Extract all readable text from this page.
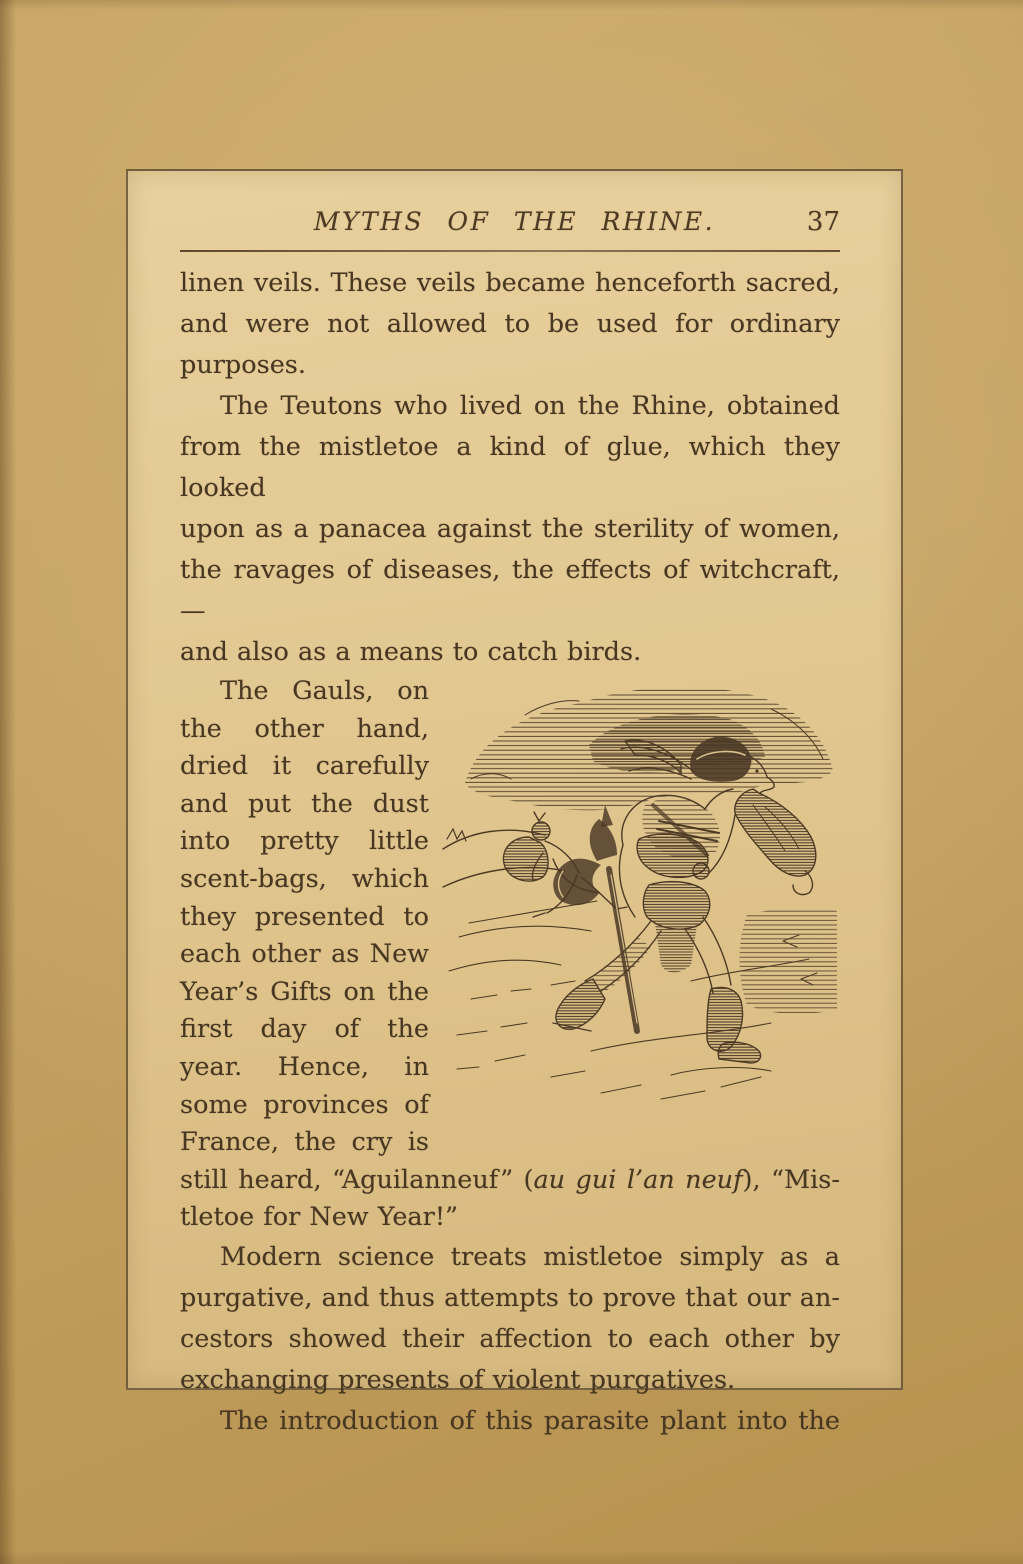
MYTHS OF THE RHINE.	37
linen veils. These veils became henceforth sacred,
and were not allowed to be used for ordinary
purposes.
The Teutons who lived on the Rhine, obtained
from the mistletoe a kind of glue, which they looked
upon as a panacea against the sterility of women,
the ravages of diseases, the effects of witchcraft,—
and also as a means to catch birds.
The Gauls, on
the other hand,
dried it carefully
and put the dust
into pretty little
scent-bags, which
they presented to
each other as New
Year’s Gifts on the
first day of the
year. Hence, in
some provinces of
France, the cry is
still heard, “Aguilanneuf” (au gui l’an neuf), “Mis-
tletoe for New Year!”
Modern science treats mistletoe simply as a
purgative, and thus attempts to prove that our an-
cestors showed their affection to each other by
exchanging presents of violent purgatives.
The introduction of this parasite plant into the
